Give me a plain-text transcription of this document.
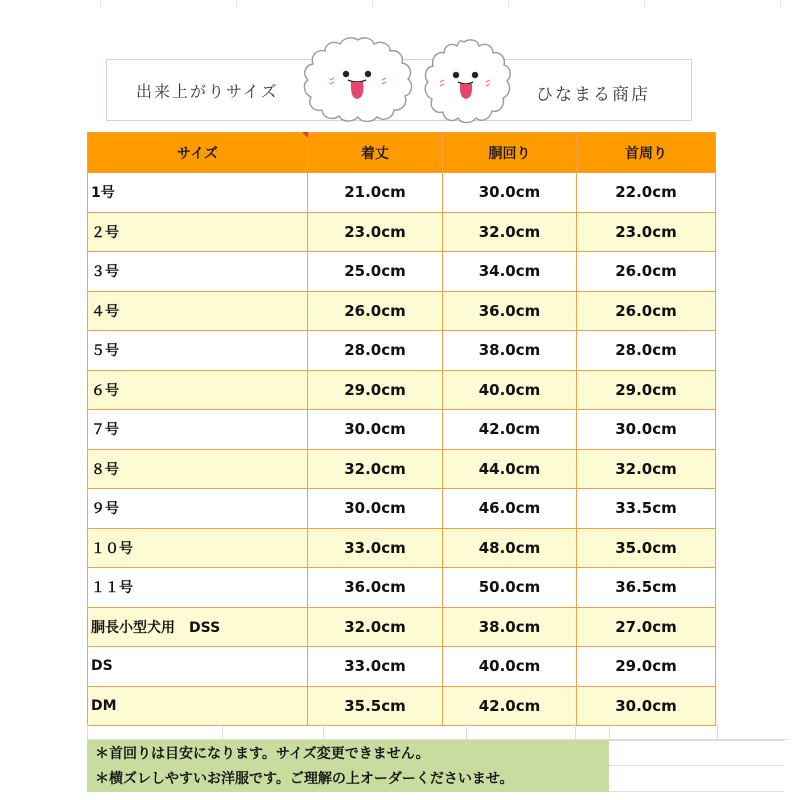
出来上がりサイズ	ひなまる商店
サイズ	着丈	胴回り	首周り
1号	21.0cm	30.0cm	22.0cm
２号	23.0cm	32.0cm	23.0cm
３号	25.0cm	34.0cm	26.0cm
４号	26.0cm	36.0cm	26.0cm
５号	28.0cm	38.0cm	28.0cm
６号	29.0cm	40.0cm	29.0cm
７号	30.0cm	42.0cm	30.0cm
８号	32.0cm	44.0cm	32.0cm
９号	30.0cm	46.0cm	33.5cm
１０号	33.0cm	48.0cm	35.0cm
１１号	36.0cm	50.0cm	36.5cm
胴長小型犬用　DSS	32.0cm	38.0cm	27.0cm
DS	33.0cm	40.0cm	29.0cm
DM	35.5cm	42.0cm	30.0cm
＊首回りは目安になります。サイズ変更できません。
＊横ズレしやすいお洋服です。ご理解の上オーダーくださいませ。
